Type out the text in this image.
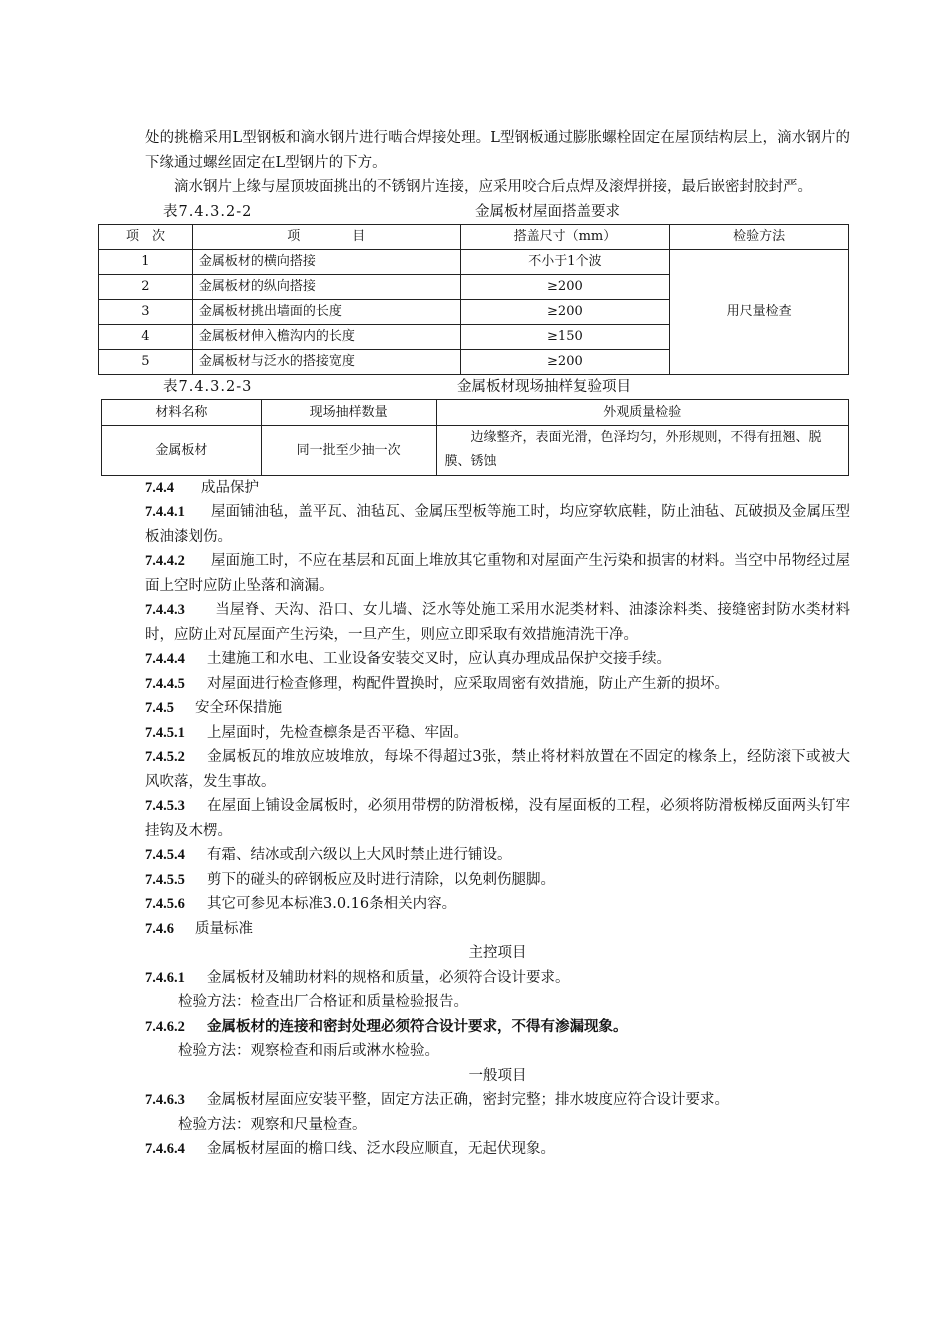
处的挑檐采用L型钢板和滴水钢片进行啮合焊接处理。L型钢板通过膨胀螺栓固定在屋顶结构层上，滴水钢片的下缘通过螺丝固定在L型钢片的下方。

滴水钢片上缘与屋顶坡面挑出的不锈钢片连接，应采用咬合后点焊及滚焊拼接，最后嵌密封胶封严。

表7.4.3.2-2	金属板材屋面搭盖要求
项　次	项　　　　目	搭盖尺寸（mm）	检验方法
1	金属板材的横向搭接	不小于1个波	用尺量检查
2	金属板材的纵向搭接	≥200	
3	金属板材挑出墙面的长度	≥200	
4	金属板材伸入檐沟内的长度	≥150	
5	金属板材与泛水的搭接宽度	≥200	
表7.4.3.2-3	金属板材现场抽样复验项目
材料名称	现场抽样数量	外观质量检验
金属板材	同一批至少抽一次	边缘整齐，表面光滑，色泽均匀，外形规则，不得有扭翘、脱膜、锈蚀

7.4.4 成品保护

7.4.4.1 屋面铺油毡，盖平瓦、油毡瓦、金属压型板等施工时，均应穿软底鞋，防止油毡、瓦破损及金属压型板油漆划伤。

7.4.4.2 屋面施工时，不应在基层和瓦面上堆放其它重物和对屋面产生污染和损害的材料。当空中吊物经过屋面上空时应防止坠落和滴漏。

7.4.4.3 当屋脊、天沟、沿口、女儿墙、泛水等处施工采用水泥类材料、油漆涂料类、接缝密封防水类材料时，应防止对瓦屋面产生污染，一旦产生，则应立即采取有效措施清洗干净。

7.4.4.4 土建施工和水电、工业设备安装交叉时，应认真办理成品保护交接手续。

7.4.4.5 对屋面进行检查修理，构配件置换时，应采取周密有效措施，防止产生新的损坏。

7.4.5 安全环保措施

7.4.5.1 上屋面时，先检查檩条是否平稳、牢固。

7.4.5.2 金属板瓦的堆放应坡堆放，每垛不得超过3张，禁止将材料放置在不固定的椽条上，经防滚下或被大风吹落，发生事故。

7.4.5.3 在屋面上铺设金属板时，必须用带楞的防滑板梯，没有屋面板的工程，必须将防滑板梯反面两头钉牢挂钩及木楞。

7.4.5.4 有霜、结冰或刮六级以上大风时禁止进行铺设。

7.4.5.5 剪下的碰头的碎钢板应及时进行清除，以免刺伤腿脚。

7.4.5.6 其它可参见本标准3.0.16条相关内容。

7.4.6 质量标准

主控项目

7.4.6.1 金属板材及辅助材料的规格和质量，必须符合设计要求。

检验方法：检查出厂合格证和质量检验报告。

7.4.6.2 金属板材的连接和密封处理必须符合设计要求，不得有渗漏现象。

检验方法：观察检查和雨后或淋水检验。

一般项目

7.4.6.3 金属板材屋面应安装平整，固定方法正确，密封完整；排水坡度应符合设计要求。

检验方法：观察和尺量检查。

7.4.6.4 金属板材屋面的檐口线、泛水段应顺直，无起伏现象。
